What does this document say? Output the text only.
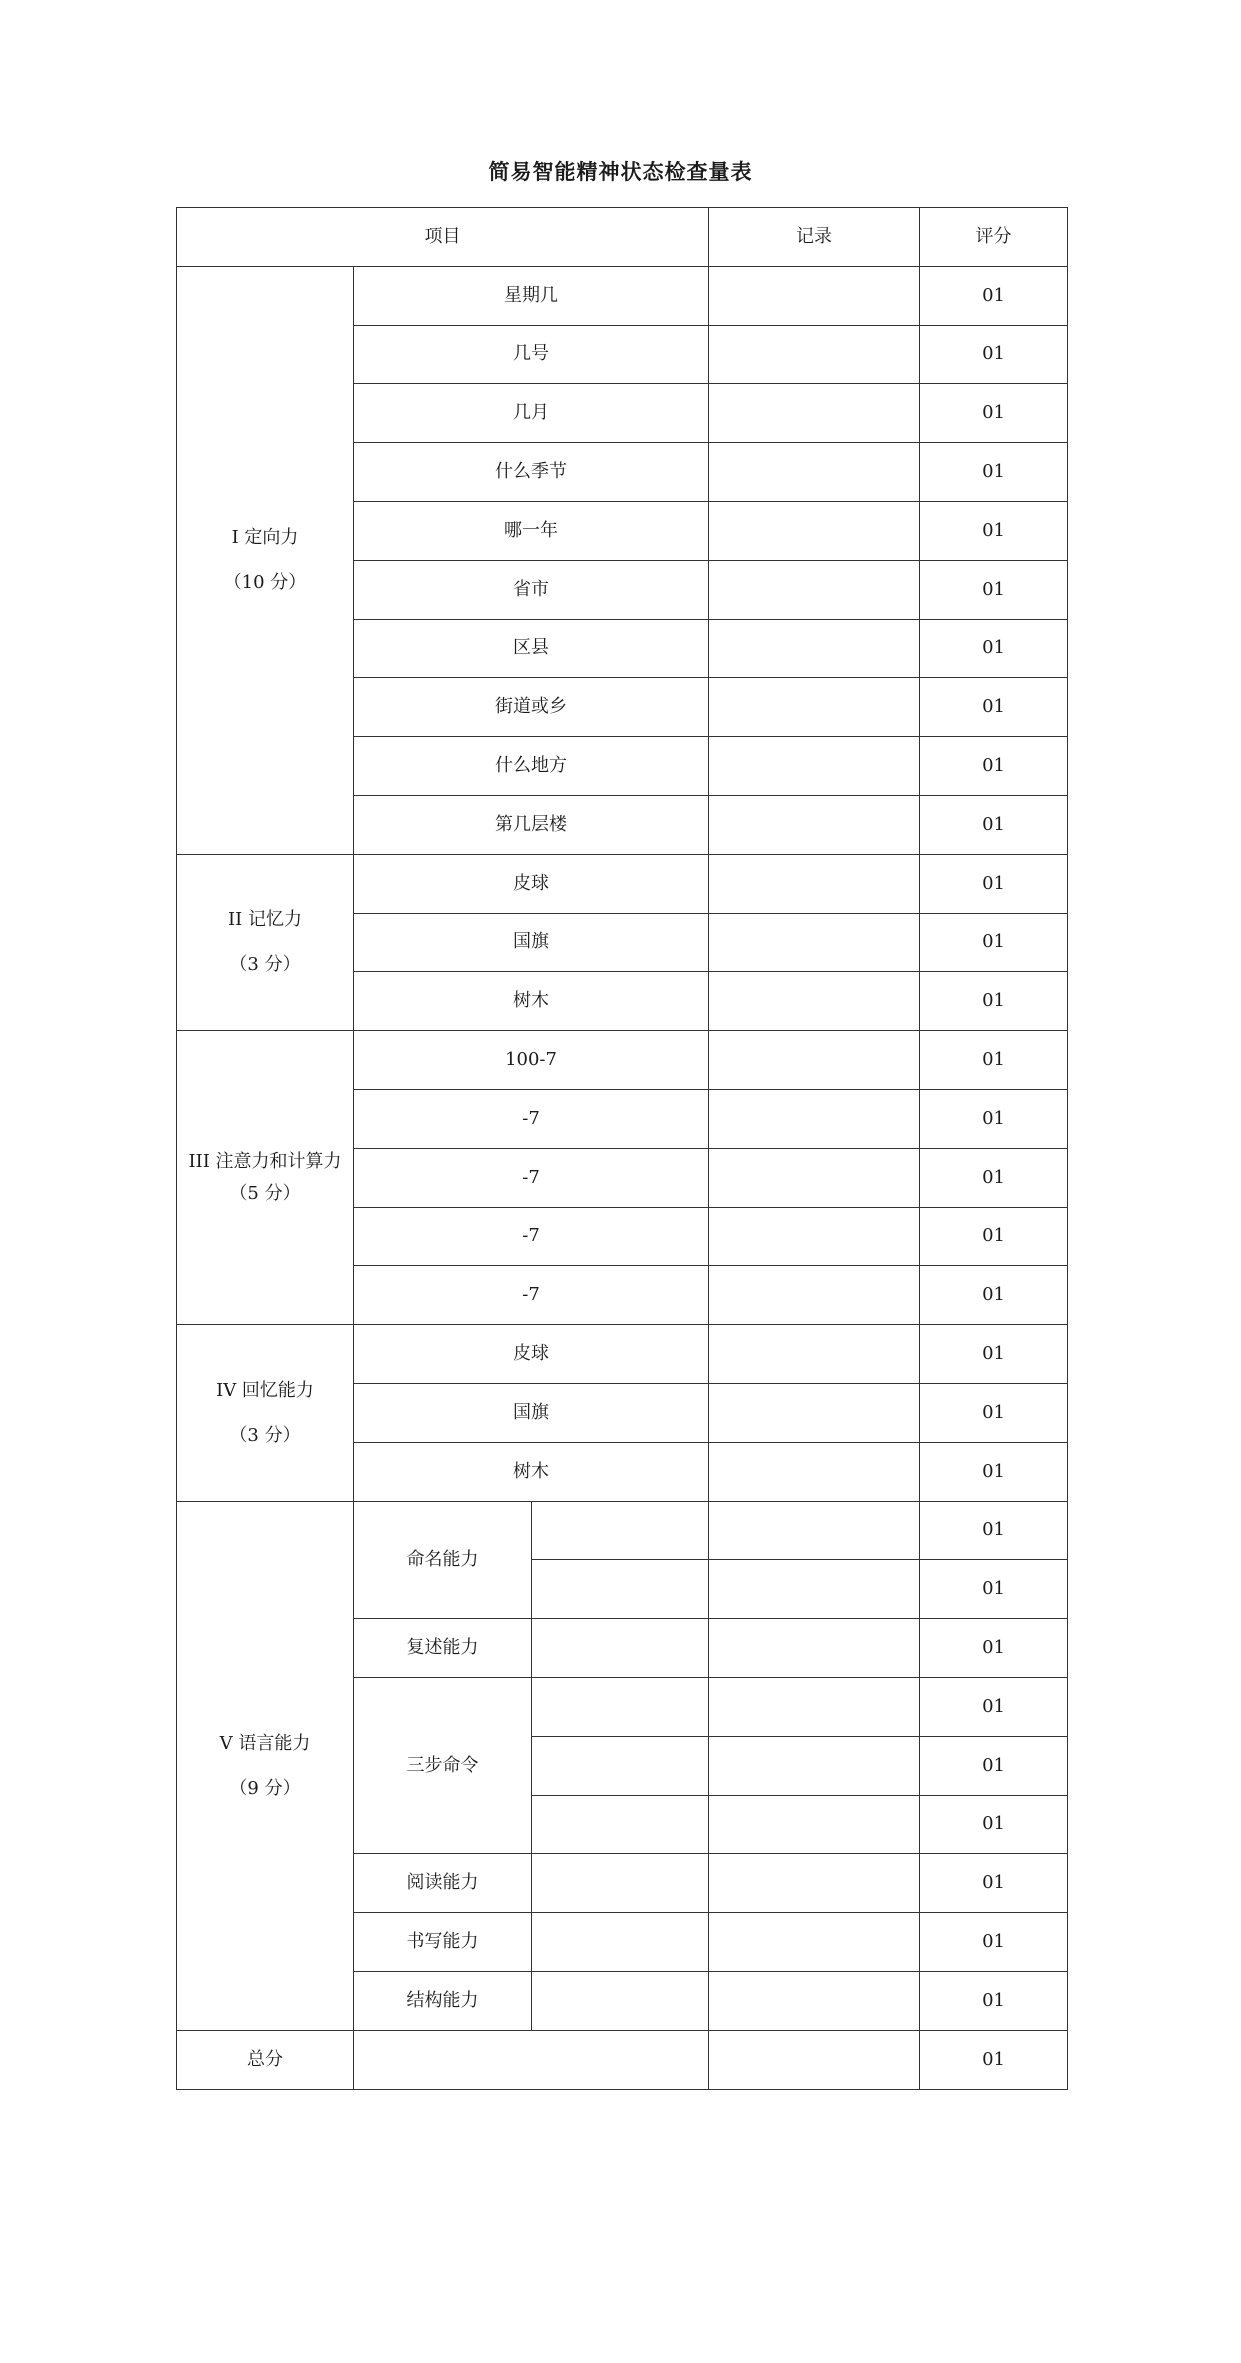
简易智能精神状态检查量表
项目			记录	评分

I 定向力
（10 分）	星期几			01
	几号			01
	几月			01
	什么季节			01
	哪一年			01
	省市			01
	区县			01
	街道或乡			01
	什么地方			01
	第几层楼			01

II 记忆力
（3 分）	皮球			01
	国旗			01
	树木			01
III 注意力和计算力 （5 分）	100-7			01
	-7			01
	-7			01
	-7			01
	-7			01

IV 回忆能力
（3 分）	皮球			01
	国旗			01
	树木			01

V 语言能力
（9 分）	命名能力			01
				01
	复述能力			01
	三步命令			01
				01
				01
	阅读能力			01
	书写能力			01
	结构能力			01
总分				01
